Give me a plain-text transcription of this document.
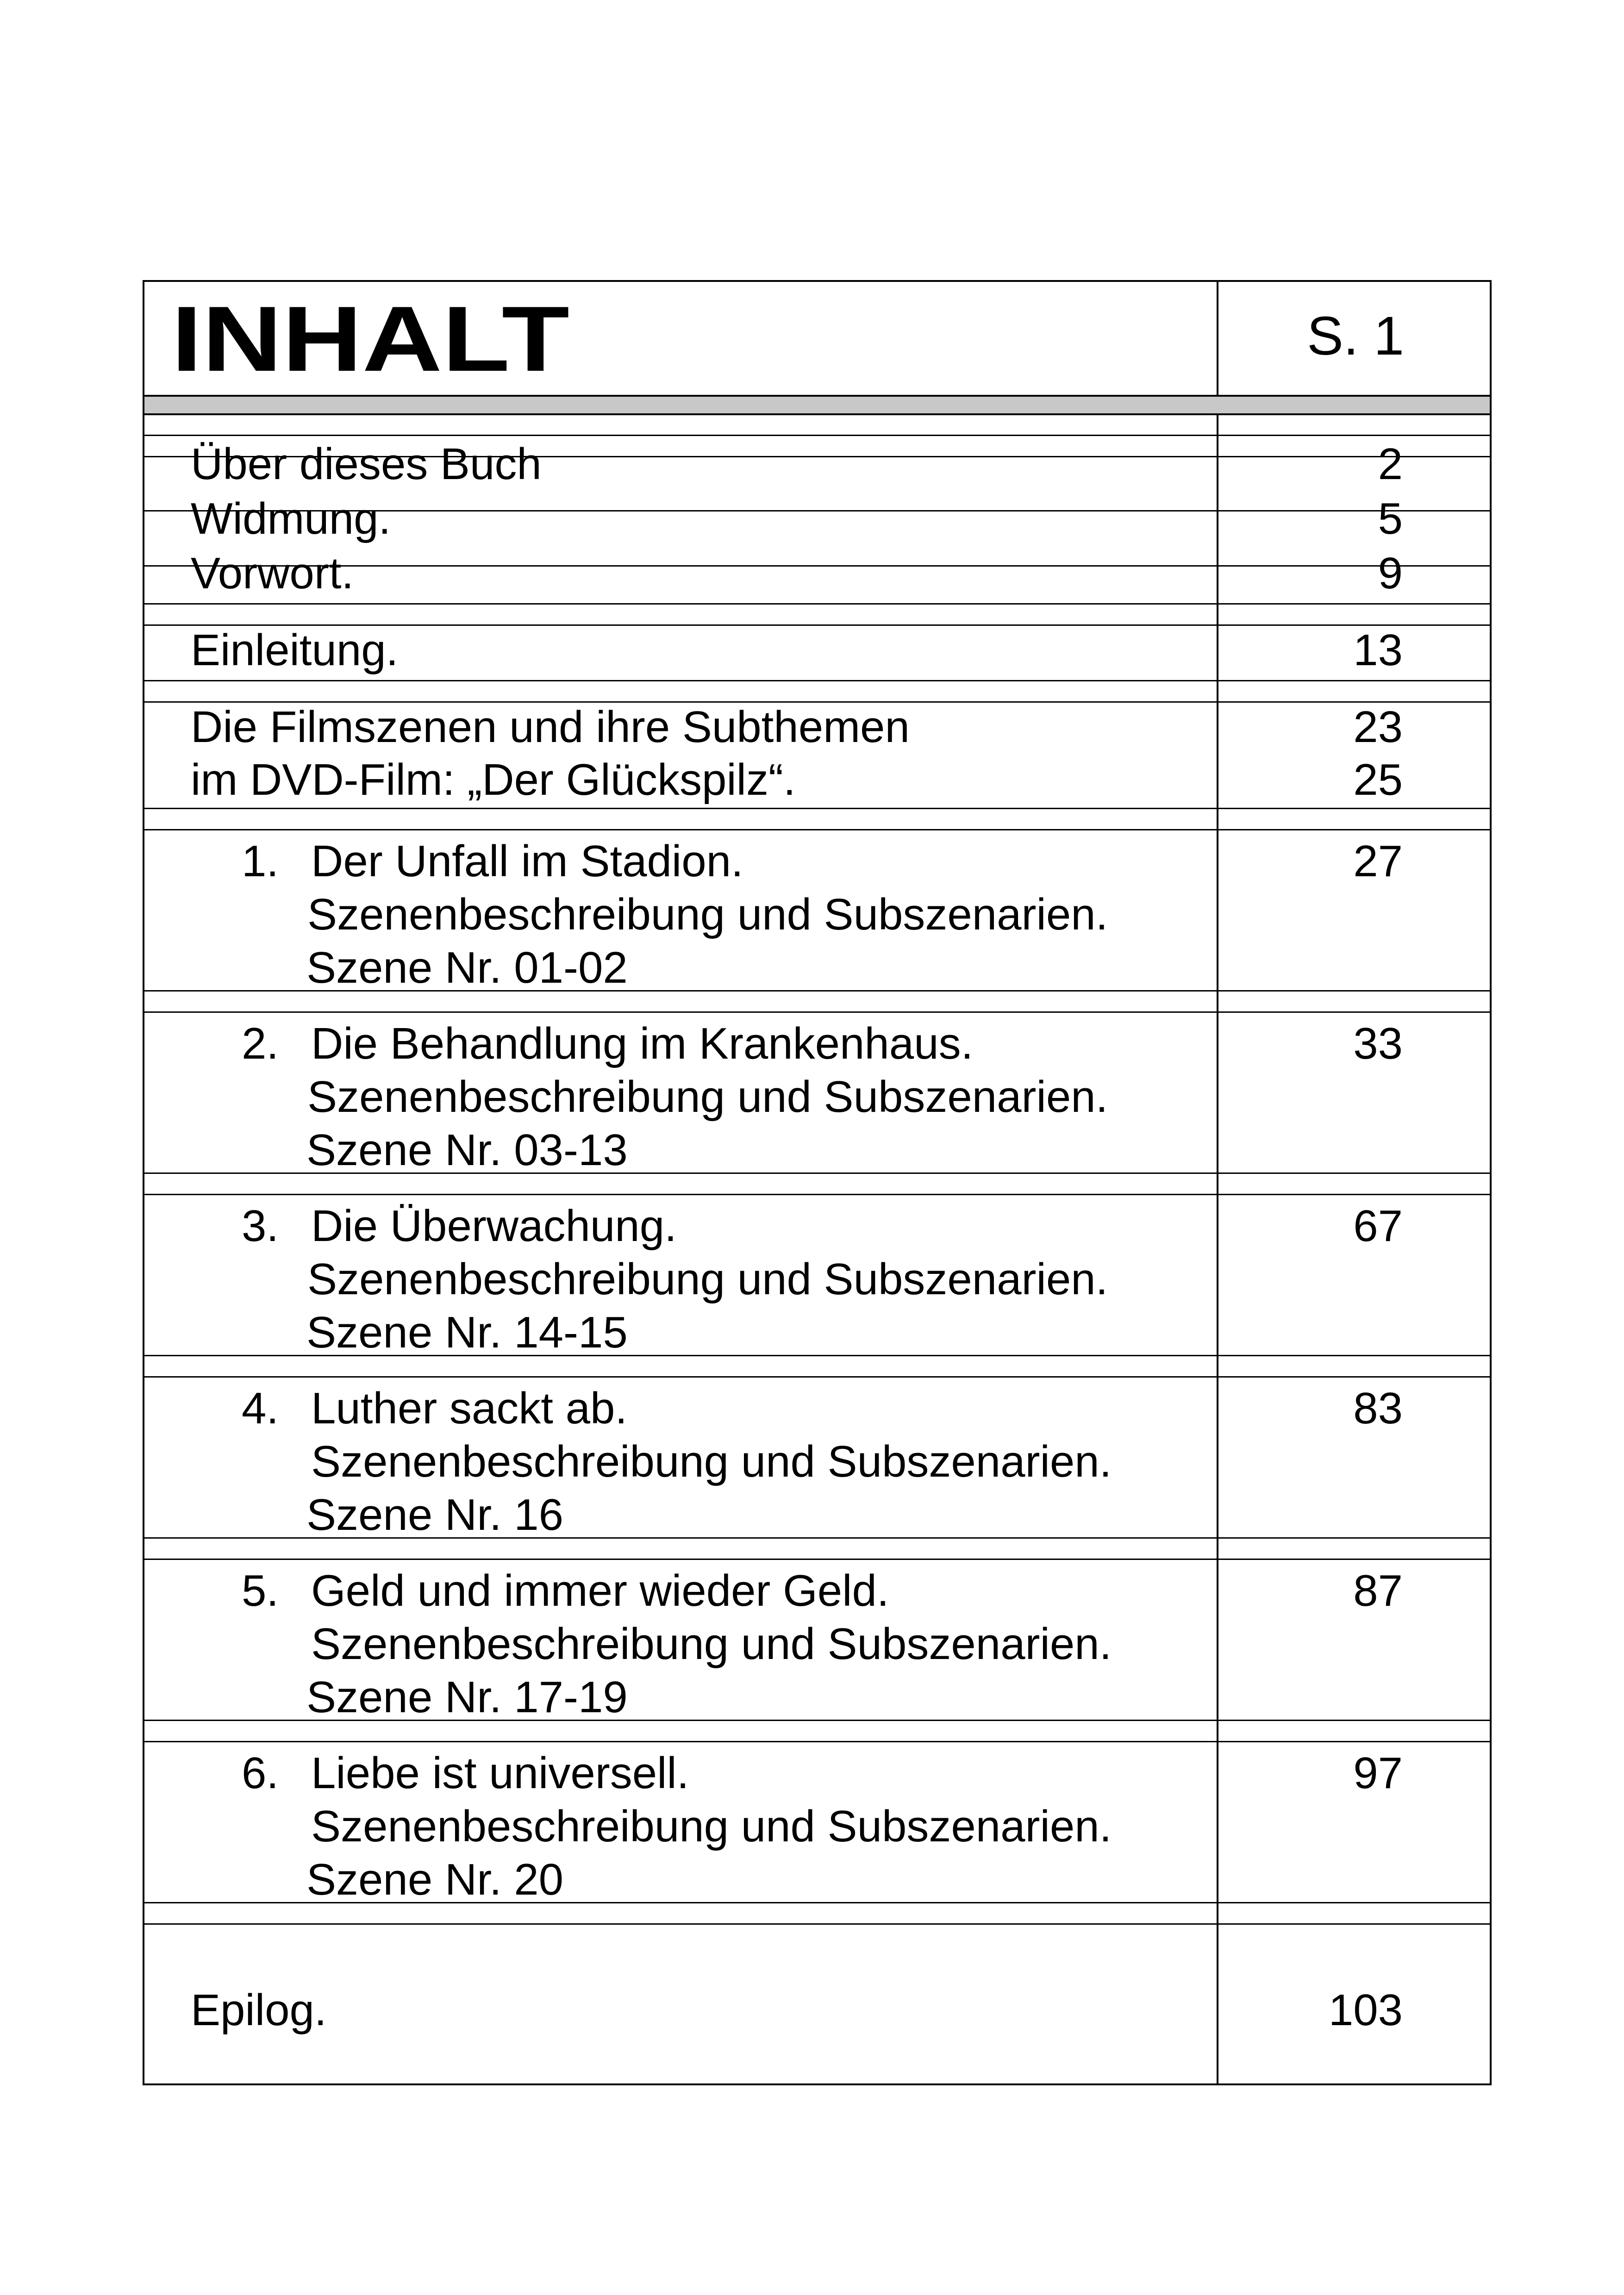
INHALT	S. 1
Über dieses Buch	2
Widmung.	5
Vorwort.	9
Einleitung.	13
Die Filmszenen und ihre Subthemen	23
im DVD-Film: „Der Glückspilz“.	25
1. Der Unfall im Stadion.	27
Szenenbeschreibung und Subszenarien.
Szene Nr. 01-02
2. Die Behandlung im Krankenhaus.	33
Szenenbeschreibung und Subszenarien.
Szene Nr. 03-13
3. Die Überwachung.	67
Szenenbeschreibung und Subszenarien.
Szene Nr. 14-15
4. Luther sackt ab.	83
Szenenbeschreibung und Subszenarien.
Szene Nr. 16
5. Geld und immer wieder Geld.	87
Szenenbeschreibung und Subszenarien.
Szene Nr. 17-19
6. Liebe ist universell.	97
Szenenbeschreibung und Subszenarien.
Szene Nr. 20
Epilog.	103
